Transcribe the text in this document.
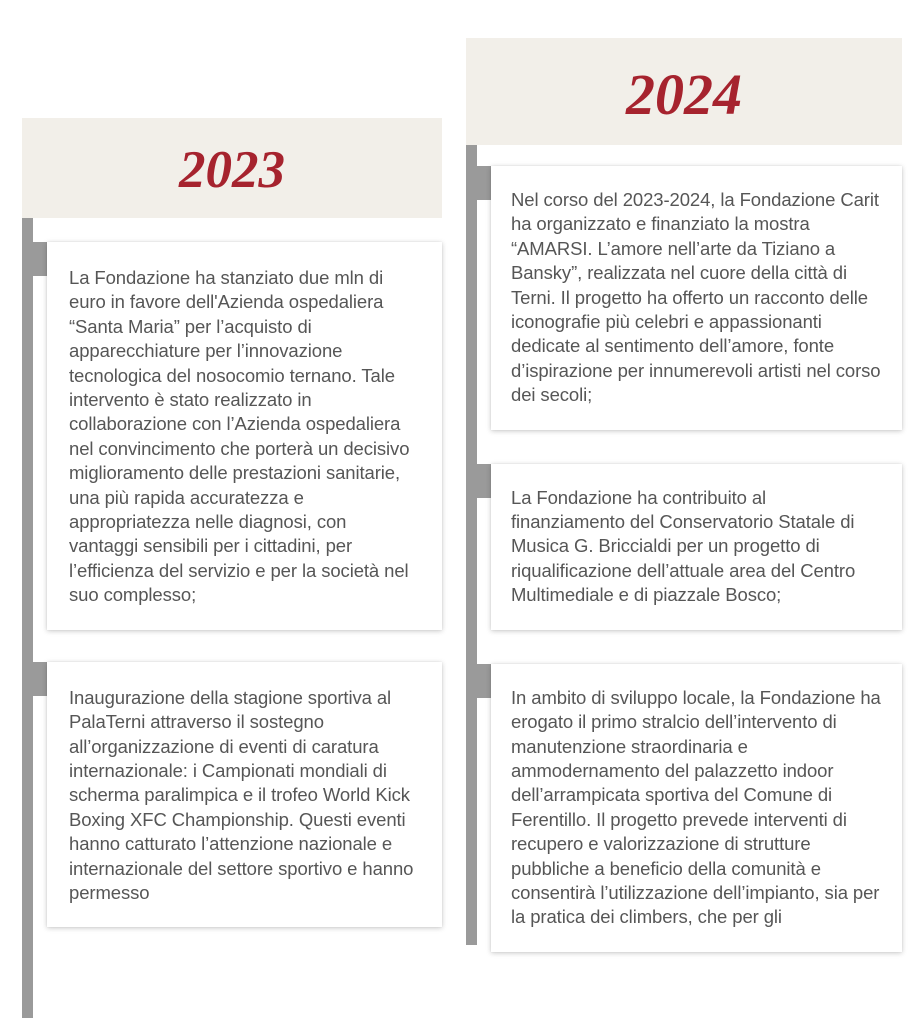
2023

La Fondazione ha stanziato due mln di euro in favore dell'Azienda ospedaliera “Santa Maria” per l’acquisto di apparecchiature per l’innovazione tecnologica del nosocomio ternano. Tale intervento è stato realizzato in collaborazione con l’Azienda ospedaliera nel convincimento che porterà un decisivo miglioramento delle prestazioni sanitarie, una più rapida accuratezza e appropriatezza nelle diagnosi, con vantaggi sensibili per i cittadini, per l’efficienza del servizio e per la società nel suo complesso;

Inaugurazione della stagione sportiva al PalaTerni attraverso il sostegno all’organizzazione di eventi di caratura internazionale: i Campionati mondiali di scherma paralimpica e il trofeo World Kick Boxing XFC Championship. Questi eventi hanno catturato l’attenzione nazionale e internazionale del settore sportivo e hanno permesso

2024

Nel corso del 2023-2024, la Fondazione Carit ha organizzato e finanziato la mostra “AMARSI. L’amore nell’arte da Tiziano a Bansky”, realizzata nel cuore della città di Terni. Il progetto ha offerto un racconto delle iconografie più celebri e appassionanti dedicate al sentimento dell’amore, fonte d’ispirazione per innumerevoli artisti nel corso dei secoli;

La Fondazione ha contribuito al finanziamento del Conservatorio Statale di Musica G. Briccialdi per un progetto di riqualificazione dell’attuale area del Centro Multimediale e di piazzale Bosco;

In ambito di sviluppo locale, la Fondazione ha erogato il primo stralcio dell’intervento di manutenzione straordinaria e ammodernamento del palazzetto indoor dell’arrampicata sportiva del Comune di Ferentillo. Il progetto prevede interventi di recupero e valorizzazione di strutture pubbliche a beneficio della comunità e consentirà l’utilizzazione dell’impianto, sia per la pratica dei climbers, che per gli
